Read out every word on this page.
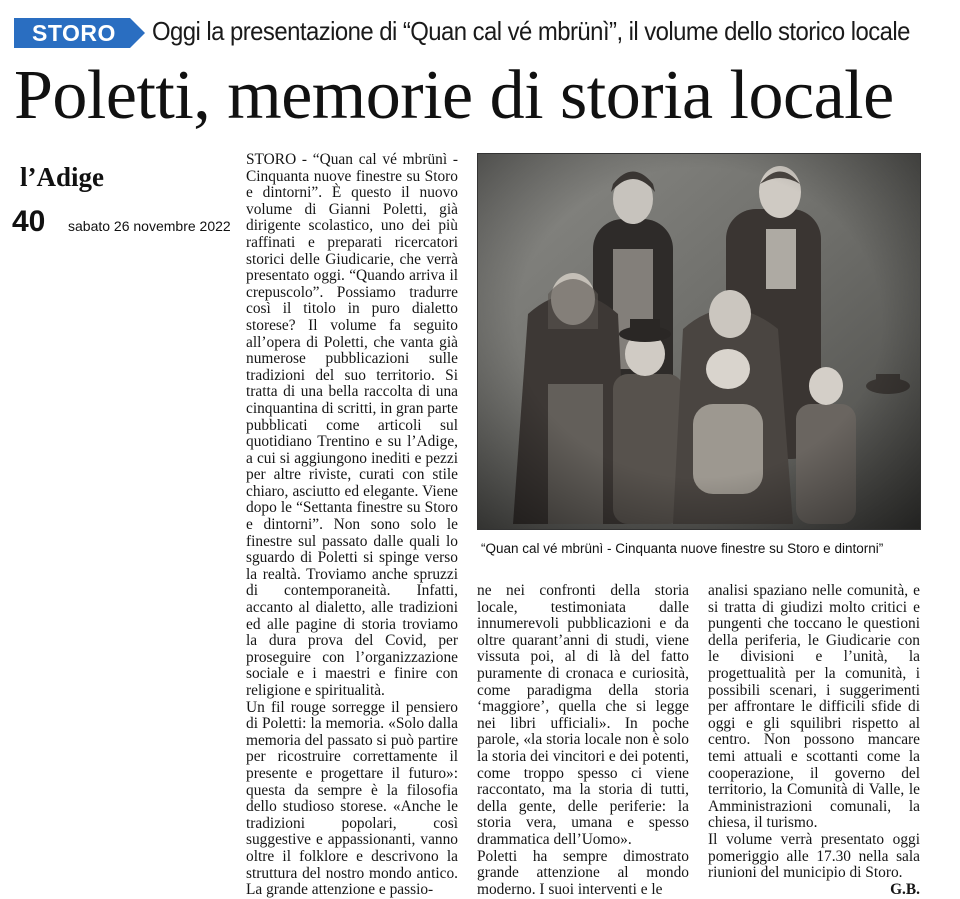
STORO Oggi la presentazione di “Quan cal vé mbrünì”, il volume dello storico locale
Poletti, memorie di storia locale
l’Adige
40 sabato 26 novembre 2022

STORO - “Quan cal vé mbrünì - Cinquanta nuove finestre su Storo e dintorni”. È questo il nuovo volume di Gianni Poletti, già dirigente scolastico, uno dei più raffinati e preparati ricercatori storici delle Giudicarie, che verrà presentato oggi. “Quando arriva il crepuscolo”. Possiamo tradurre così il titolo in puro dialetto storese? Il volume fa seguito all’opera di Poletti, che vanta già numerose pubblicazioni sulle tradizioni del suo territorio. Si tratta di una bella raccolta di una cinquantina di scritti, in gran parte pubblicati come articoli sul quotidiano Trentino e su l’Adige, a cui si aggiungono inediti e pezzi per altre riviste, curati con stile chiaro, asciutto ed elegante. Viene dopo le “Settanta finestre su Storo e dintorni”. Non sono solo le finestre sul passato dalle quali lo sguardo di Poletti si spinge verso la realtà. Troviamo anche spruzzi di contemporaneità. Infatti, accanto al dialetto, alle tradizioni ed alle pagine di storia troviamo la dura prova del Covid, per proseguire con l’organizzazione sociale e i maestri e finire con religione e spiritualità.

Un fil rouge sorregge il pensiero di Poletti: la memoria. «Solo dalla memoria del passato si può partire per ricostruire correttamente il presente e progettare il futuro»: questa da sempre è la filosofia dello studioso storese. «Anche le tradizioni popolari, così suggestive e appassionanti, vanno oltre il folklore e descrivono la struttura del nostro mondo antico. La grande attenzione e passio-

“Quan cal vé mbrünì - Cinquanta nuove finestre su Storo e dintorni”

ne nei confronti della storia locale, testimoniata dalle innumerevoli pubblicazioni e da oltre quarant’anni di studi, viene vissuta poi, al di là del fatto puramente di cronaca e curiosità, come paradigma della storia ‘maggiore’, quella che si legge nei libri ufficiali». In poche parole, «la storia locale non è solo la storia dei vincitori e dei potenti, come troppo spesso ci viene raccontato, ma la storia di tutti, della gente, delle periferie: la storia vera, umana e spesso drammatica dell’Uomo».

Poletti ha sempre dimostrato grande attenzione al mondo moderno. I suoi interventi e le

analisi spaziano nelle comunità, e si tratta di giudizi molto critici e pungenti che toccano le questioni della periferia, le Giudicarie con le divisioni e l’unità, la progettualità per la comunità, i possibili scenari, i suggerimenti per affrontare le difficili sfide di oggi e gli squilibri rispetto al centro. Non possono mancare temi attuali e scottanti come la cooperazione, il governo del territorio, la Comunità di Valle, le Amministrazioni comunali, la chiesa, il turismo.

Il volume verrà presentato oggi pomeriggio alle 17.30 nella sala riunioni del municipio di Storo.
G.B.
